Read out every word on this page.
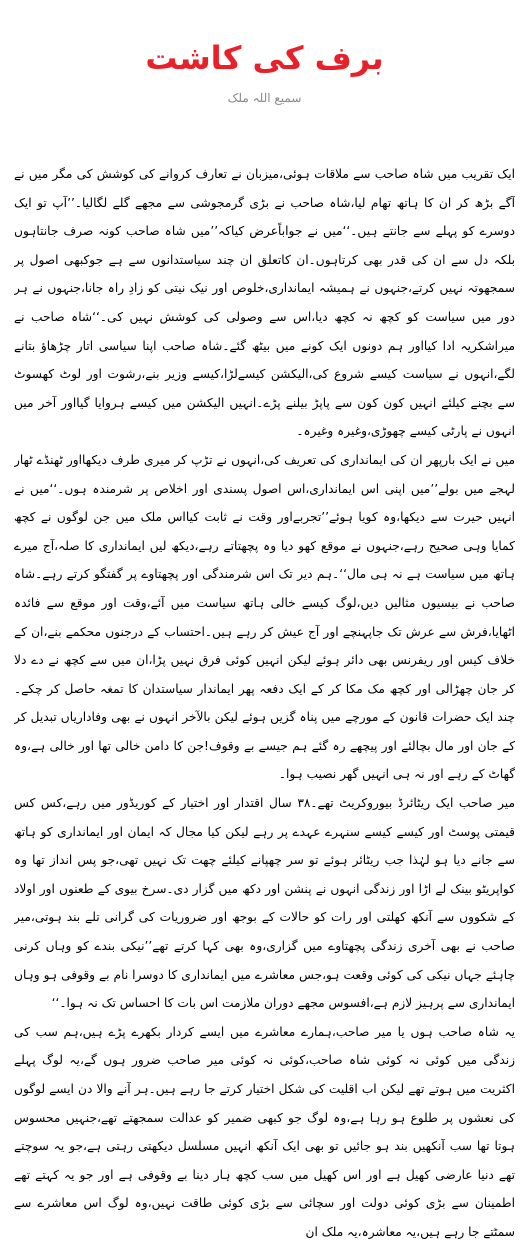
برف کی کاشت
سمیع اللہ ملک

ایک تقریب میں شاہ صاحب سے ملاقات ہوئی،میزبان نے تعارف کروانے کی کوشش کی مگر میں نے آگے بڑھ کر ان کا ہاتھ تھام لیا،شاہ صاحب نے بڑی گرمجوشی سے مجھے گلے لگالیا۔’’آپ تو ایک دوسرے کو پہلے سے جانتے ہیں۔‘‘میں نے جواباًعرض کیاکہ’’میں شاہ صاحب کونہ صرف جانتاہوں بلکہ دل سے ان کی قدر بھی کرتاہوں۔ان کاتعلق ان چند سیاستدانوں سے ہے جوکبھی اصول پر سمجھوتہ نہیں کرتے،جنہوں نے ہمیشہ ایمانداری،خلوص اور نیک نیتی کو زادِ راہ جانا،جنہوں نے ہر دور میں سیاست کو کچھ نہ کچھ دیا،اس سے وصولی کی کوشش نہیں کی۔‘‘شاہ صاحب نے میراشکریہ ادا کیااور ہم دونوں ایک کونے میں بیٹھ گئے۔شاہ صاحب اپنا سیاسی اتار چڑھاؤ بتانے لگے،انہوں نے سیاست کیسے شروع کی،الیکشن کیسےلڑا،کیسے وزیر بنے،رشوت اور لوٹ کھسوٹ سے بچنے کیلئے انہیں کون کون سے پاپڑ بیلنے پڑے۔انہیں الیکشن میں کیسے ہروایا گیااور آخر میں انہوں نے پارٹی کیسے چھوڑی،وغیرہ وغیرہ۔

میں نے ایک بارپھر ان کی ایمانداری کی تعریف کی،انہوں نے تڑپ کر میری طرف دیکھااور ٹھنڈے ٹھار لہجے میں بولے’’میں اپنی اس ایمانداری،اس اصول پسندی اور اخلاص پر شرمندہ ہوں۔‘‘میں نے انہیں حیرت سے دیکھا،وہ کویا ہوئے’’تجربےاور وقت نے ثابت کیااس ملک میں جن لوگوں نے کچھ کمایا وہی صحیح رہے،جنہوں نے موقع کھو دیا وہ پچھتاتے رہے،دیکھ لیں ایمانداری کا صلہ،آج میرے ہاتھ میں سیاست ہے نہ ہی مال‘‘۔ہم دیر تک اس شرمندگی اور پچھتاوے پر گفتگو کرتے رہے۔شاہ صاحب نے بیسیوں مثالیں دیں،لوگ کیسے خالی ہاتھ سیاست میں آئے،وقت اور موقع سے فائدہ اٹھایا،فرش سے عرش تک جاپہنچے اور آج عیش کر رہے ہیں۔احتساب کے درجنوں محکمے بنے،ان کے خلاف کیس اور ریفرنس بھی دائر ہوئے لیکن انہیں کوئی فرق نہیں پڑا،ان میں سے کچھ نے دے دلا کر جان چھڑالی اور کچھ مک مکا کر کے ایک دفعہ پھر ایماندار سیاستدان کا تمغہ حاصل کر چکے۔چند ایک حضرات قانون کے مورچے میں پناہ گزیں ہوئے لیکن بالآخر انہوں نے بھی وفاداریاں تبدیل کر کے جان اور مال بچالئے اور پیچھے رہ گئے ہم جیسے بے وقوف!جن کا دامن خالی تھا اور خالی ہے،وہ گھاٹ کے رہے اور نہ ہی انہیں گھر نصیب ہوا۔

میر صاحب ایک ریٹائرڈ بیوروکریٹ تھے۔۳۸ سال اقتدار اور اختیار کے کوریڈور میں رہے،کس کس قیمتی پوسٹ اور کیسے کیسے سنہرے عہدے پر رہے لیکن کیا مجال کہ ایمان اور ایمانداری کو ہاتھ سے جانے دیا ہو لہٰذا جب ریٹائر ہوئے تو سر چھپانے کیلئے چھت تک نہیں تھی،جو پس انداز تھا وہ کواپریٹو بینک لے اڑا اور زندگی انہوں نے پنشن اور دکھ میں گزار دی۔سرخ بیوی کے طعنوں اور اولاد کے شکووں سے آنکھ کھلتی اور رات کو حالات کے بوجھ اور ضروریات کی گرانی تلے بند ہوتی،میر صاحب نے بھی آخری زندگی پچھتاوے میں گزاری،وہ بھی کہا کرتے تھے’’نیکی بندے کو وہاں کرنی چاہئے جہاں نیکی کی کوئی وقعت ہو،جس معاشرے میں ایمانداری کا دوسرا نام بے وقوفی ہو وہاں ایمانداری سے پرہیز لازم ہے،افسوس مجھے دوران ملازمت اس بات کا احساس تک نہ ہوا۔‘‘

یہ شاہ صاحب ہوں یا میر صاحب،ہمارے معاشرے میں ایسے کردار بکھرے پڑے ہیں،ہم سب کی زندگی میں کوئی نہ کوئی شاہ صاحب،کوئی نہ کوئی میر صاحب ضرور ہوں گے،یہ لوگ پہلے اکثریت میں ہوتے تھے لیکن اب اقلیت کی شکل اختیار کرتے جا رہے ہیں۔ہر آنے والا دن ایسے لوگوں کی نعشوں پر طلوع ہو رہا ہے،وہ لوگ جو کبھی ضمیر کو عدالت سمجھتے تھے،جنہیں محسوس ہوتا تھا سب آنکھیں بند ہو جائیں تو بھی ایک آنکھ انہیں مسلسل دیکھتی رہتی ہے،جو یہ سوچتے تھے دنیا عارضی کھیل ہے اور اس کھیل میں سب کچھ ہار دینا بے وقوفی ہے اور جو یہ کہتے تھے اطمینان سے بڑی کوئی دولت اور سچائی سے بڑی کوئی طاقت نہیں،وہ لوگ اس معاشرے سے سمٹتے جا رہے ہیں،یہ معاشرہ،یہ ملک ان
